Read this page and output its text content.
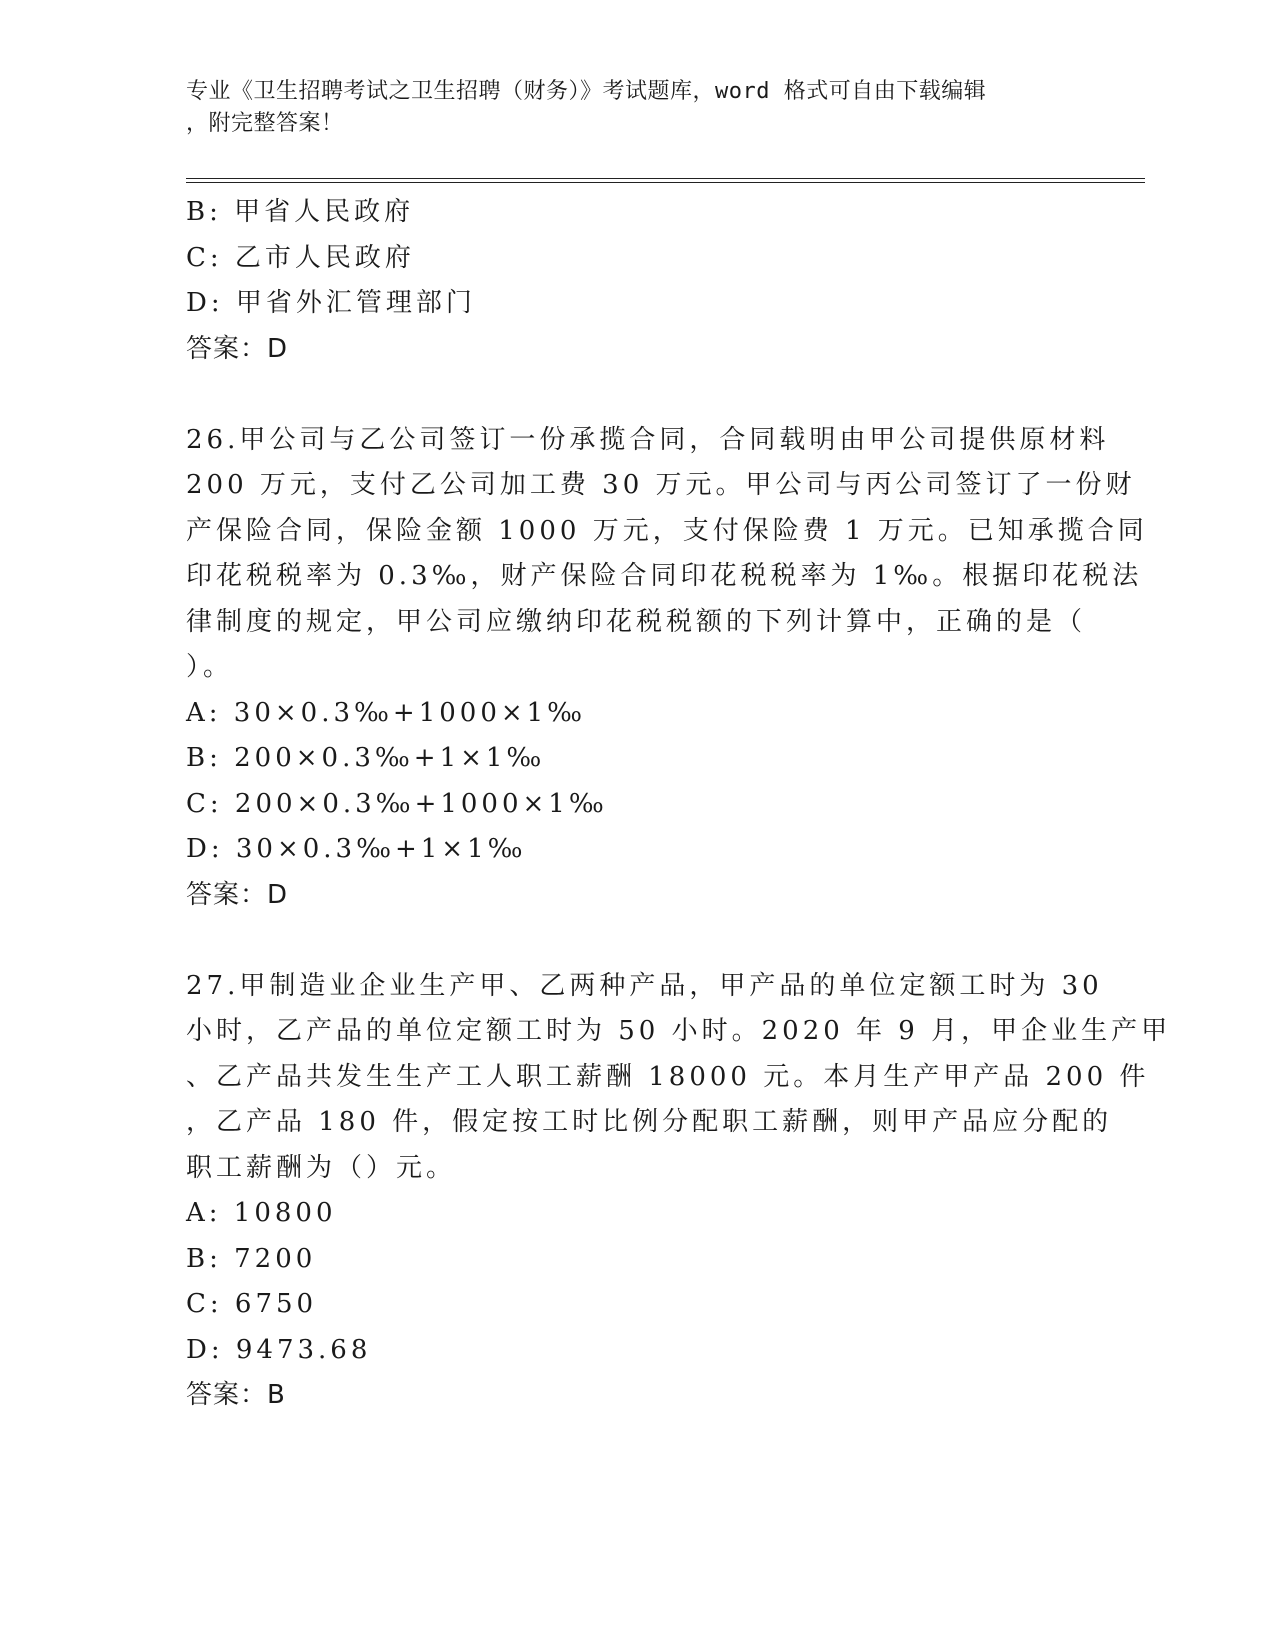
专业《卫生招聘考试之卫生招聘（财务）》考试题库，word 格式可自由下载编辑
，附完整答案！
B: 甲省人民政府
C: 乙市人民政府
D: 甲省外汇管理部门
答案：D
26.甲公司与乙公司签订一份承揽合同，合同载明由甲公司提供原材料
200 万元，支付乙公司加工费 30 万元。甲公司与丙公司签订了一份财
产保险合同，保险金额 1000 万元，支付保险费 1 万元。已知承揽合同
印花税税率为 0.3‰，财产保险合同印花税税率为 1‰。根据印花税法
律制度的规定，甲公司应缴纳印花税税额的下列计算中，正确的是（
）。
A: 30×0.3‰+1000×1‰
B: 200×0.3‰+1×1‰
C: 200×0.3‰+1000×1‰
D: 30×0.3‰+1×1‰
答案：D
27.甲制造业企业生产甲、乙两种产品，甲产品的单位定额工时为 30
小时，乙产品的单位定额工时为 50 小时。2020 年 9 月，甲企业生产甲
、乙产品共发生生产工人职工薪酬 18000 元。本月生产甲产品 200 件
，乙产品 180 件，假定按工时比例分配职工薪酬，则甲产品应分配的
职工薪酬为（）元。
A: 10800
B: 7200
C: 6750
D: 9473.68
答案：B
